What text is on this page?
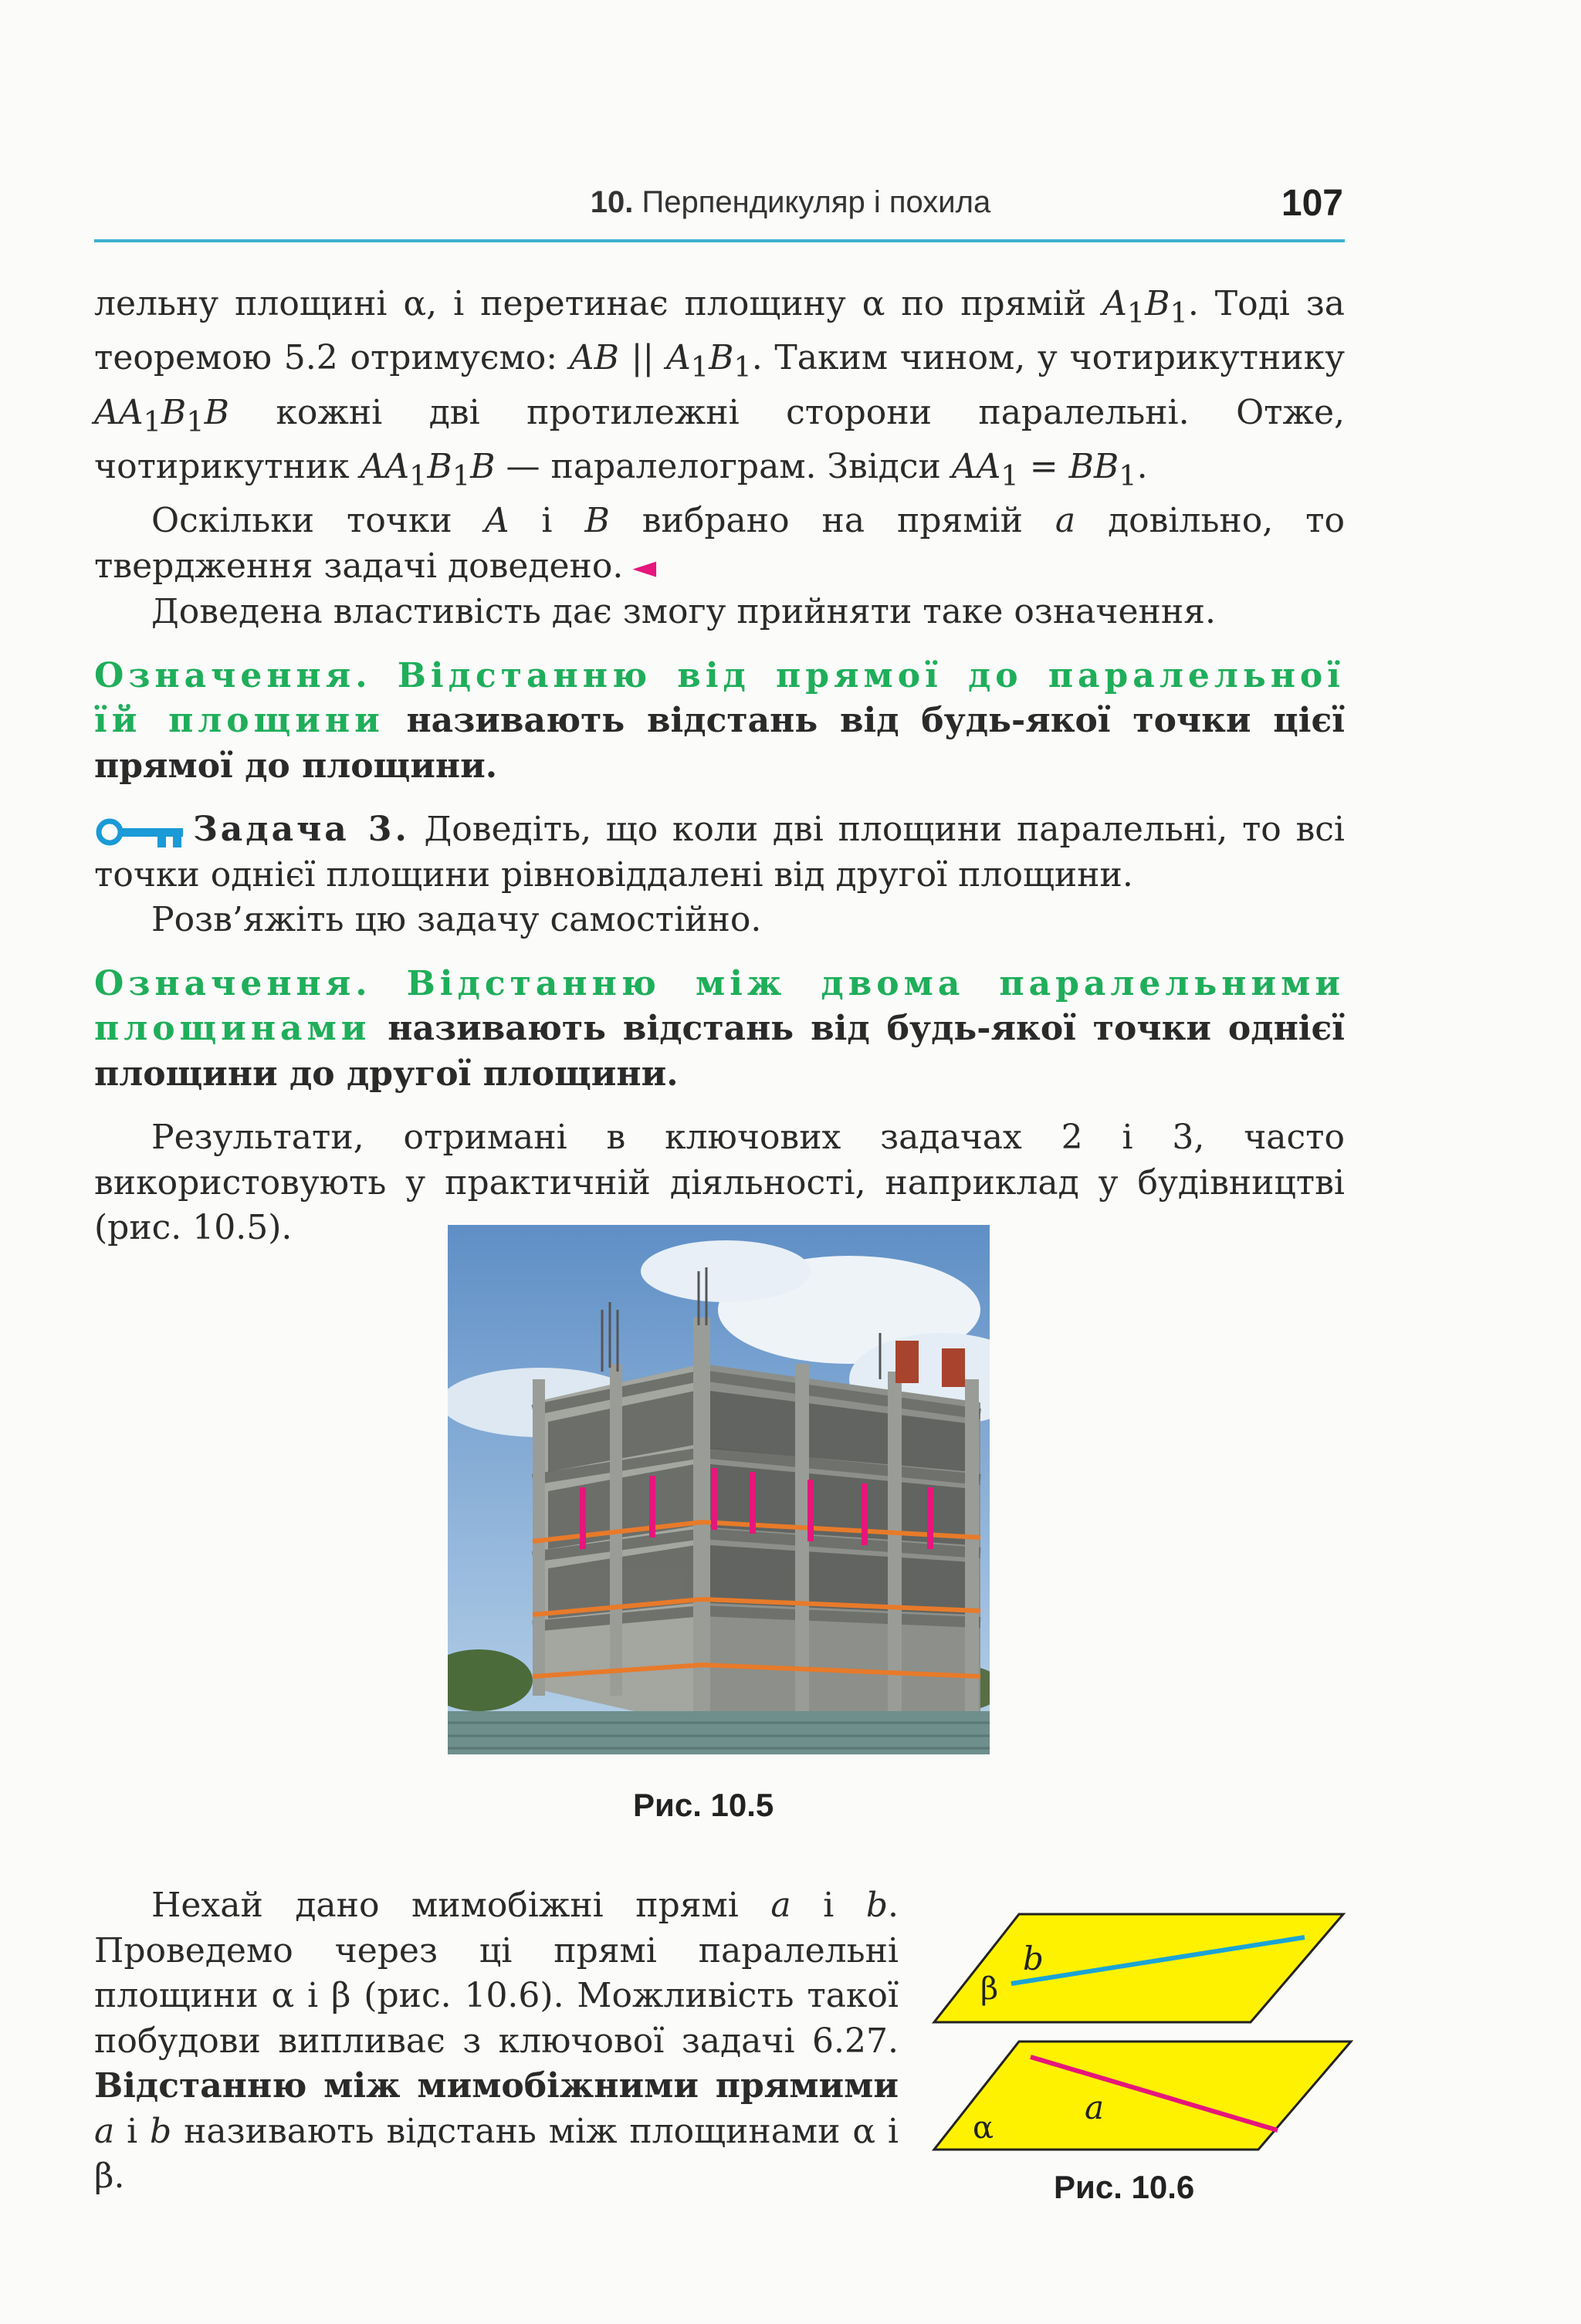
10. Перпендикуляр і похила	107

лельну площині α, і перетинає площину α по прямій $A_1B_1$. Тоді за теоремою 5.2 отримуємо: AB || $A_1B_1$. Таким чином, у чотирикутнику $AA_1B_1B$ кожні дві протилежні сторони паралельні. Отже, чотирикутник $AA_1B_1B$ — паралелограм. Звідси $AA_1 = BB_1$.

Оскільки точки A і B вибрано на прямій a довільно, то твердження задачі доведено. ◄

Доведена властивість дає змогу прийняти таке означення.

Означення. Відстанню від прямої до паралельної їй площини називають відстань від будь-якої точки цієї прямої до площини.

Задача 3. Доведіть, що коли дві площини паралельні, то всі точки однієї площини рівновіддалені від другої площини.

Розв’яжіть цю задачу самостійно.

Означення. Відстанню між двома паралельними площинами називають відстань від будь-якої точки однієї площини до другої площини.

Результати, отримані в ключових задачах 2 і 3, часто використовують у практичній діяльності, наприклад у будівництві (рис. 10.5).

Рис. 10.5

Нехай дано мимобіжні прямі a і b. Проведемо через ці прямі паралельні площини α і β (рис. 10.6). Можливість такої побудови випливає з ключової задачі 6.27. Відстанню між мимобіжними прямими a і b називають відстань між площинами α і β.

β
b
α
a
Рис. 10.6
